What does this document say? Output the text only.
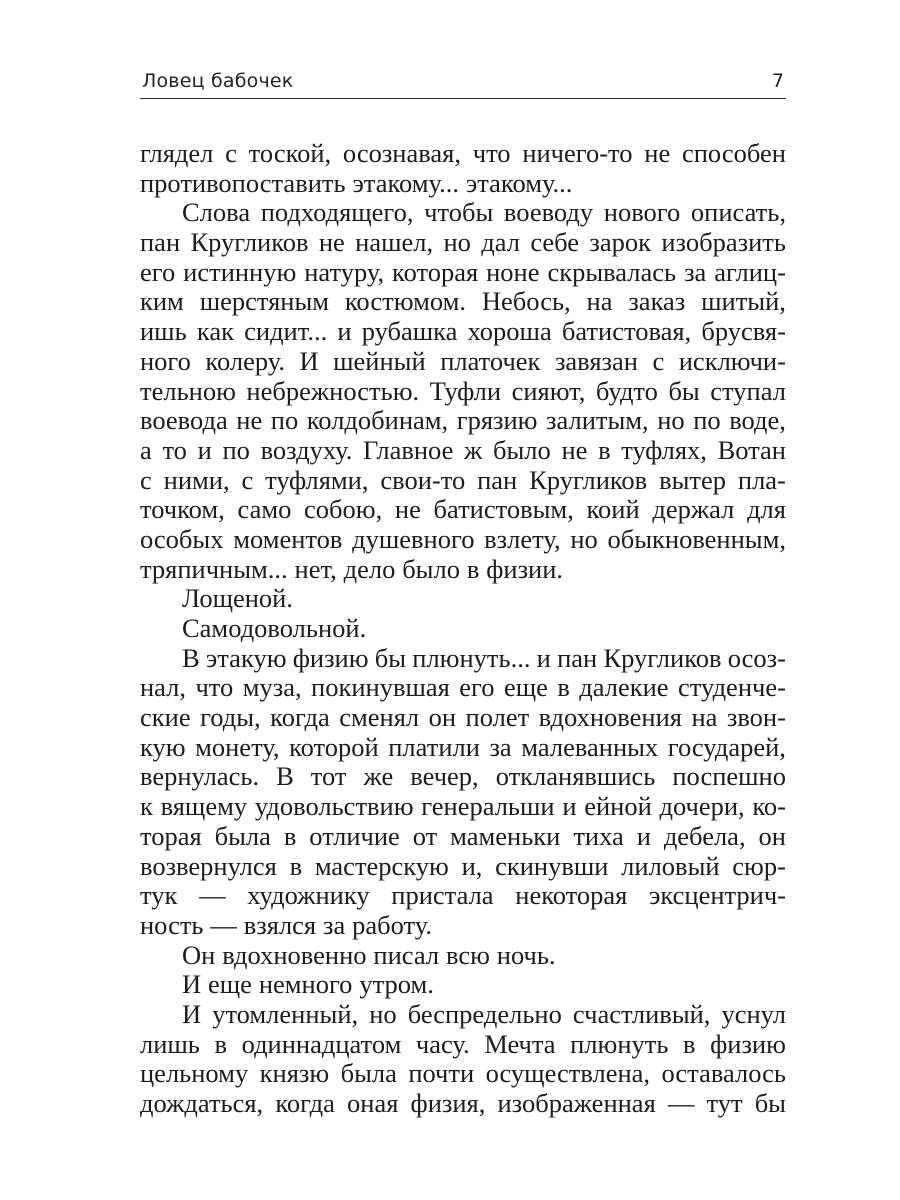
Ловец бабочек	7
глядел с тоской, осознавая, что ничего-то не способен
противопоставить этакому... этакому...
Слова подходящего, чтобы воеводу нового описать,
пан Кругликов не нашел, но дал себе зарок изобразить
его истинную натуру, которая ноне скрывалась за аглиц-
ким шерстяным костюмом. Небось, на заказ шитый,
ишь как сидит... и рубашка хороша батистовая, брусвя-
ного колеру. И шейный платочек завязан с исключи-
тельною небрежностью. Туфли сияют, будто бы ступал
воевода не по колдобинам, грязию залитым, но по воде,
а то и по воздуху. Главное ж было не в туфлях, Вотан
с ними, с туфлями, свои-то пан Кругликов вытер пла-
точком, само собою, не батистовым, коий держал для
особых моментов душевного взлету, но обыкновенным,
тряпичным... нет, дело было в физии.
Лощеной.
Самодовольной.
В этакую физию бы плюнуть... и пан Кругликов осоз-
нал, что муза, покинувшая его еще в далекие студенче-
ские годы, когда сменял он полет вдохновения на звон-
кую монету, которой платили за малеванных государей,
вернулась. В тот же вечер, откланявшись поспешно
к вящему удовольствию генеральши и ейной дочери, ко-
торая была в отличие от маменьки тиха и дебела, он
возвернулся в мастерскую и, скинувши лиловый сюр-
тук — художнику пристала некоторая эксцентрич-
ность — взялся за работу.
Он вдохновенно писал всю ночь.
И еще немного утром.
И утомленный, но беспредельно счастливый, уснул
лишь в одиннадцатом часу. Мечта плюнуть в физию
цельному князю была почти осуществлена, оставалось
дождаться, когда оная физия, изображенная — тут бы
